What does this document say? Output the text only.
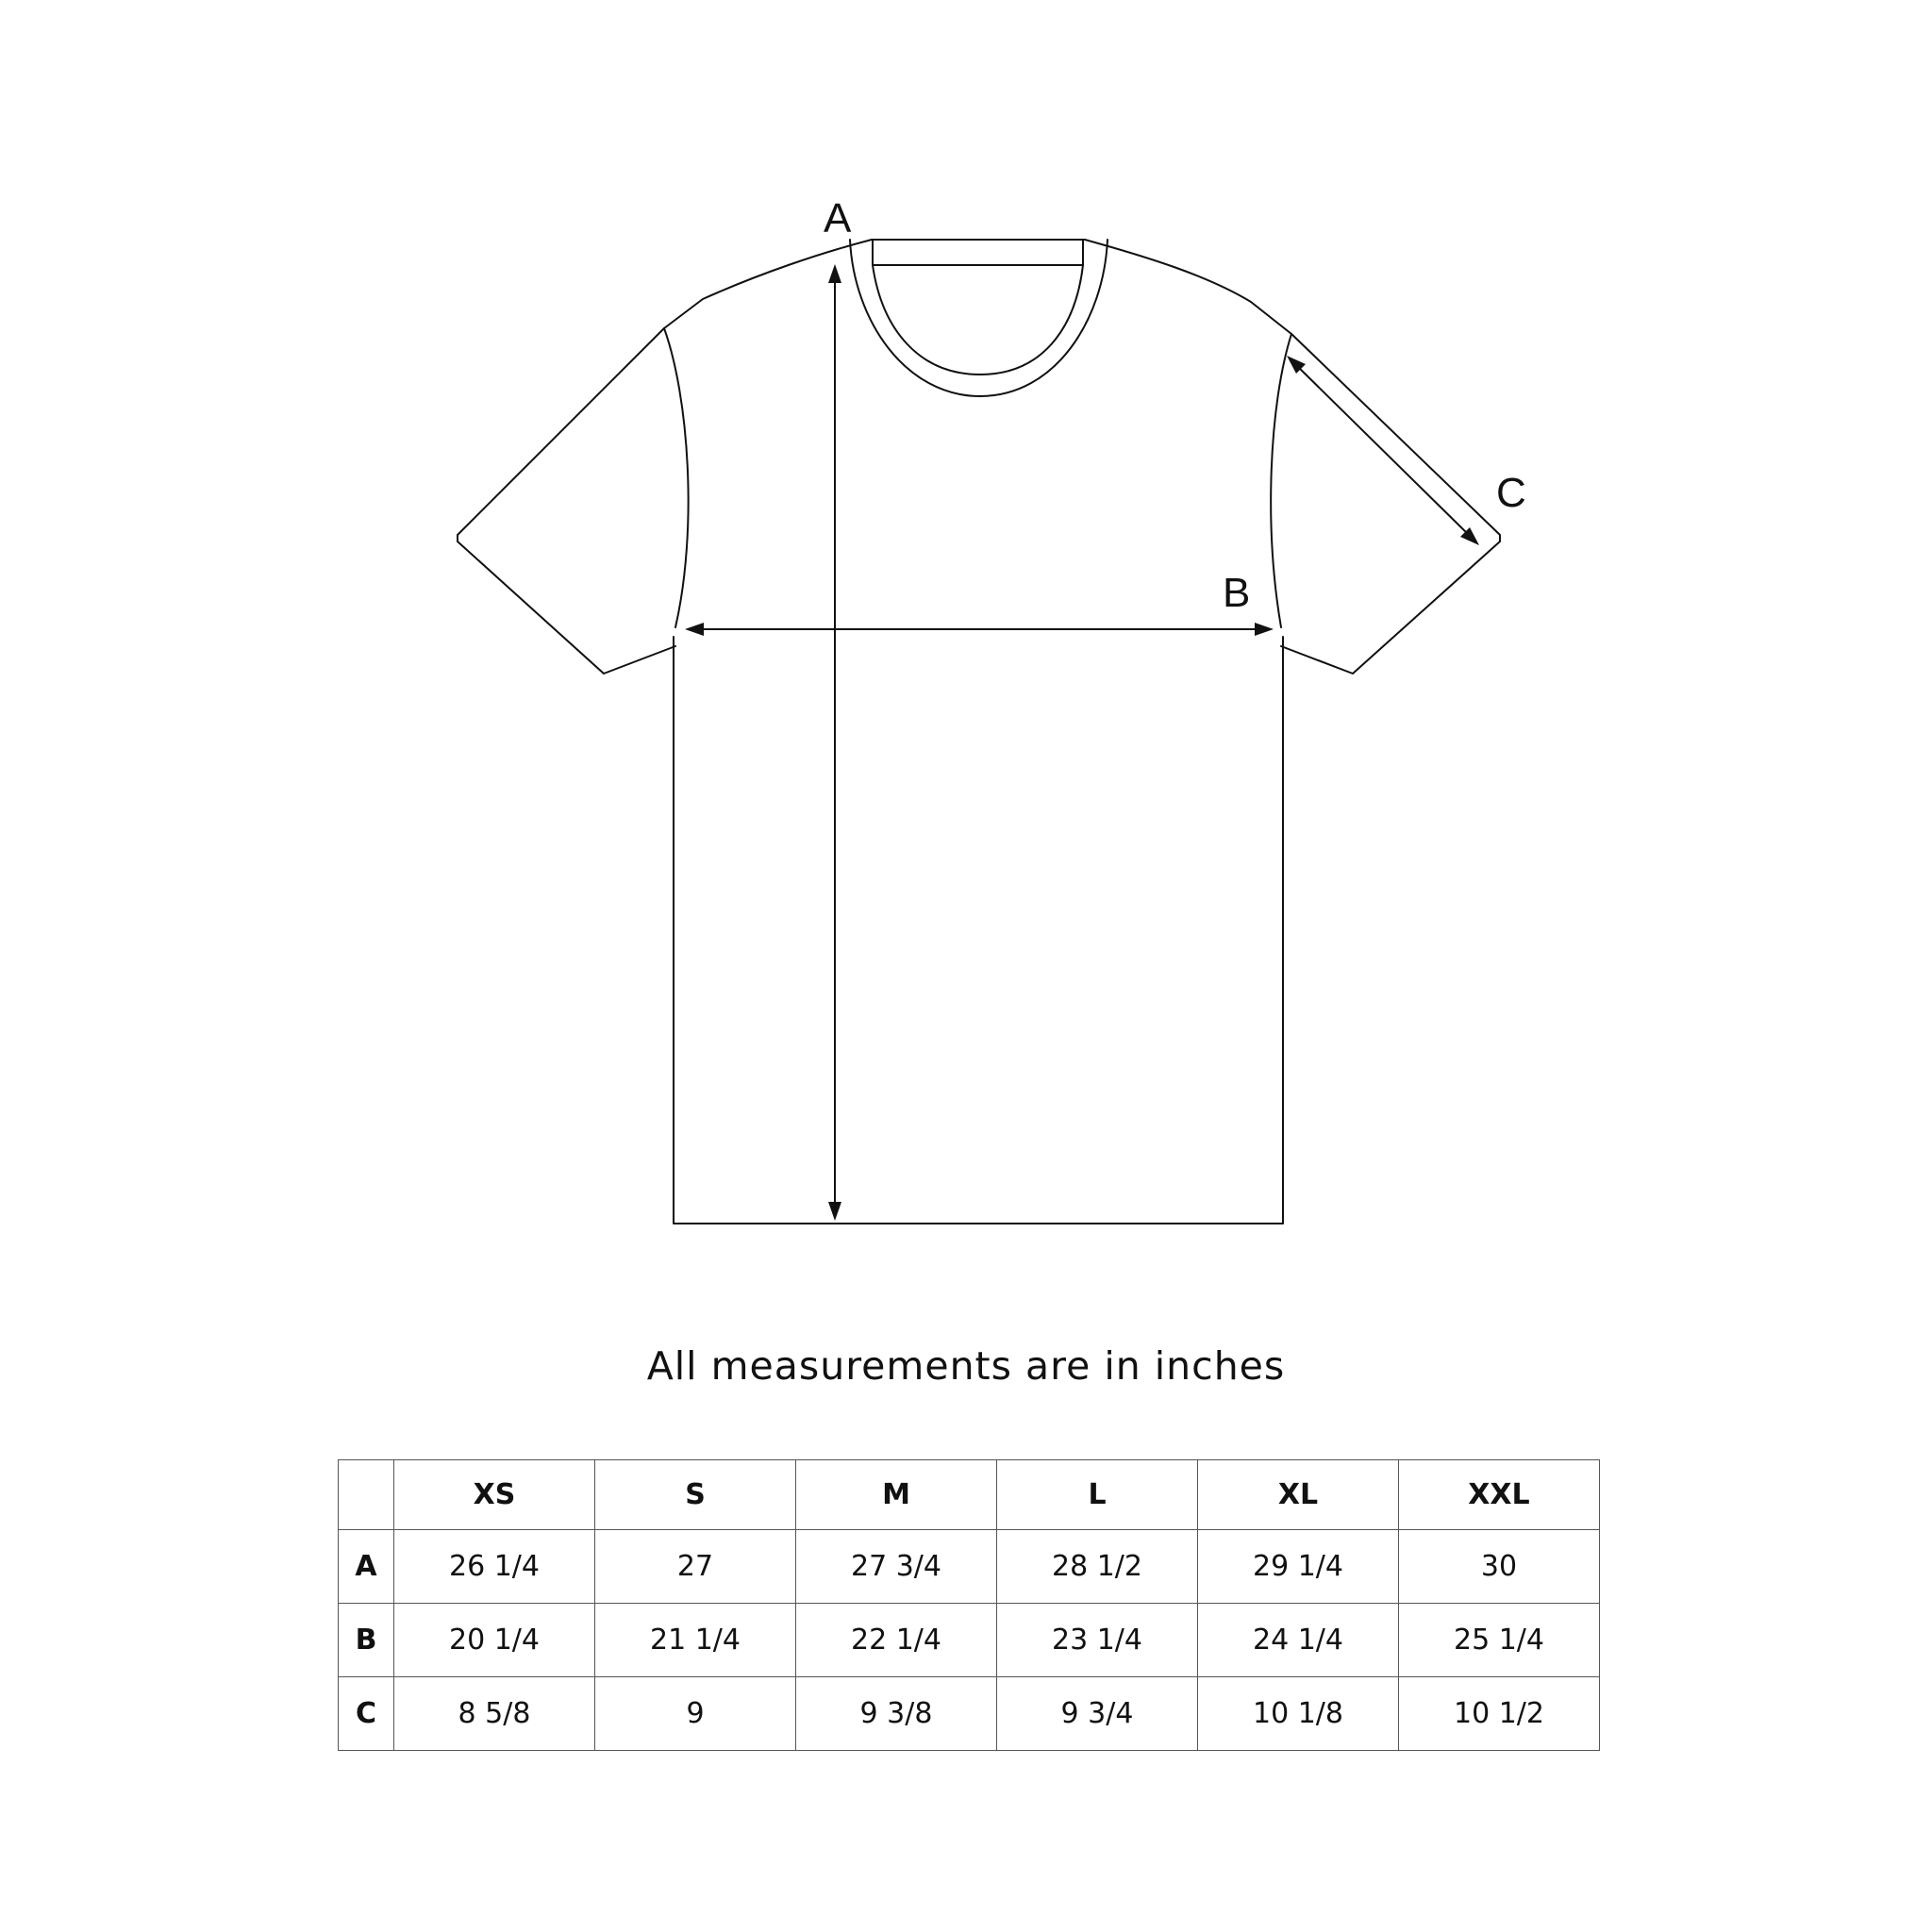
A
B
C
All measurements are in inches
	XS	S	M	L	XL	XXL
A	26 1/4	27	27 3/4	28 1/2	29 1/4	30
B	20 1/4	21 1/4	22 1/4	23 1/4	24 1/4	25 1/4
C	8 5/8	9	9 3/8	9 3/4	10 1/8	10 1/2
